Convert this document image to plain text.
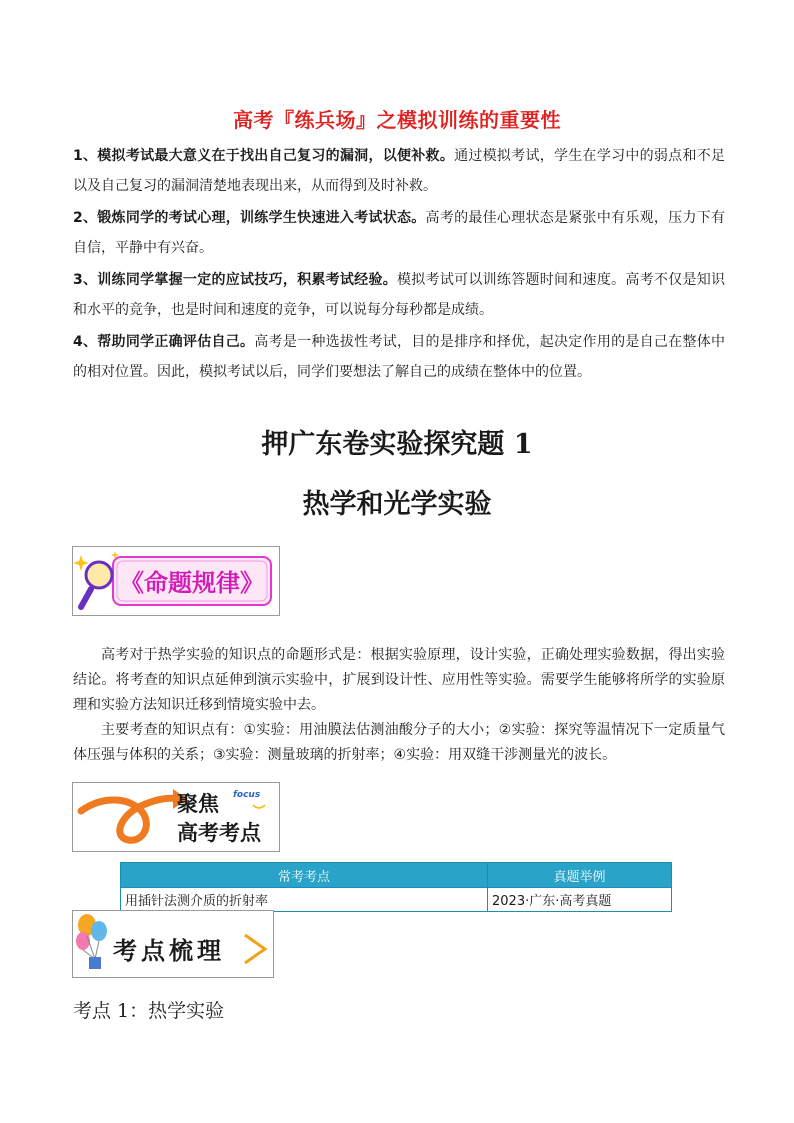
高考『练兵场』之模拟训练的重要性

1、模拟考试最大意义在于找出自己复习的漏洞，以便补救。通过模拟考试，学生在学习中的弱点和不足以及自己复习的漏洞清楚地表现出来，从而得到及时补救。

2、锻炼同学的考试心理，训练学生快速进入考试状态。高考的最佳心理状态是紧张中有乐观，压力下有自信，平静中有兴奋。

3、训练同学掌握一定的应试技巧，积累考试经验。模拟考试可以训练答题时间和速度。高考不仅是知识和水平的竞争，也是时间和速度的竞争，可以说每分每秒都是成绩。

4、帮助同学正确评估自己。高考是一种选拔性考试，目的是排序和择优，起决定作用的是自己在整体中的相对位置。因此，模拟考试以后，同学们要想法了解自己的成绩在整体中的位置。

押广东卷实验探究题 1
热学和光学实验
《命题规律》

高考对于热学实验的知识点的命题形式是：根据实验原理，设计实验，正确处理实验数据，得出实验结论。将考查的知识点延伸到演示实验中，扩展到设计性、应用性等实验。需要学生能够将所学的实验原理和实验方法知识迁移到情境实验中去。

主要考查的知识点有：①实验：用油膜法估测油酸分子的大小；②实验：探究等温情况下一定质量气体压强与体积的关系；③实验：测量玻璃的折射率；④实验：用双缝干涉测量光的波长。

聚焦 focus
高考考点
常考考点	真题举例
用插针法测介质的折射率	2023·广东·高考真题
考点梳理
考点 1：热学实验
